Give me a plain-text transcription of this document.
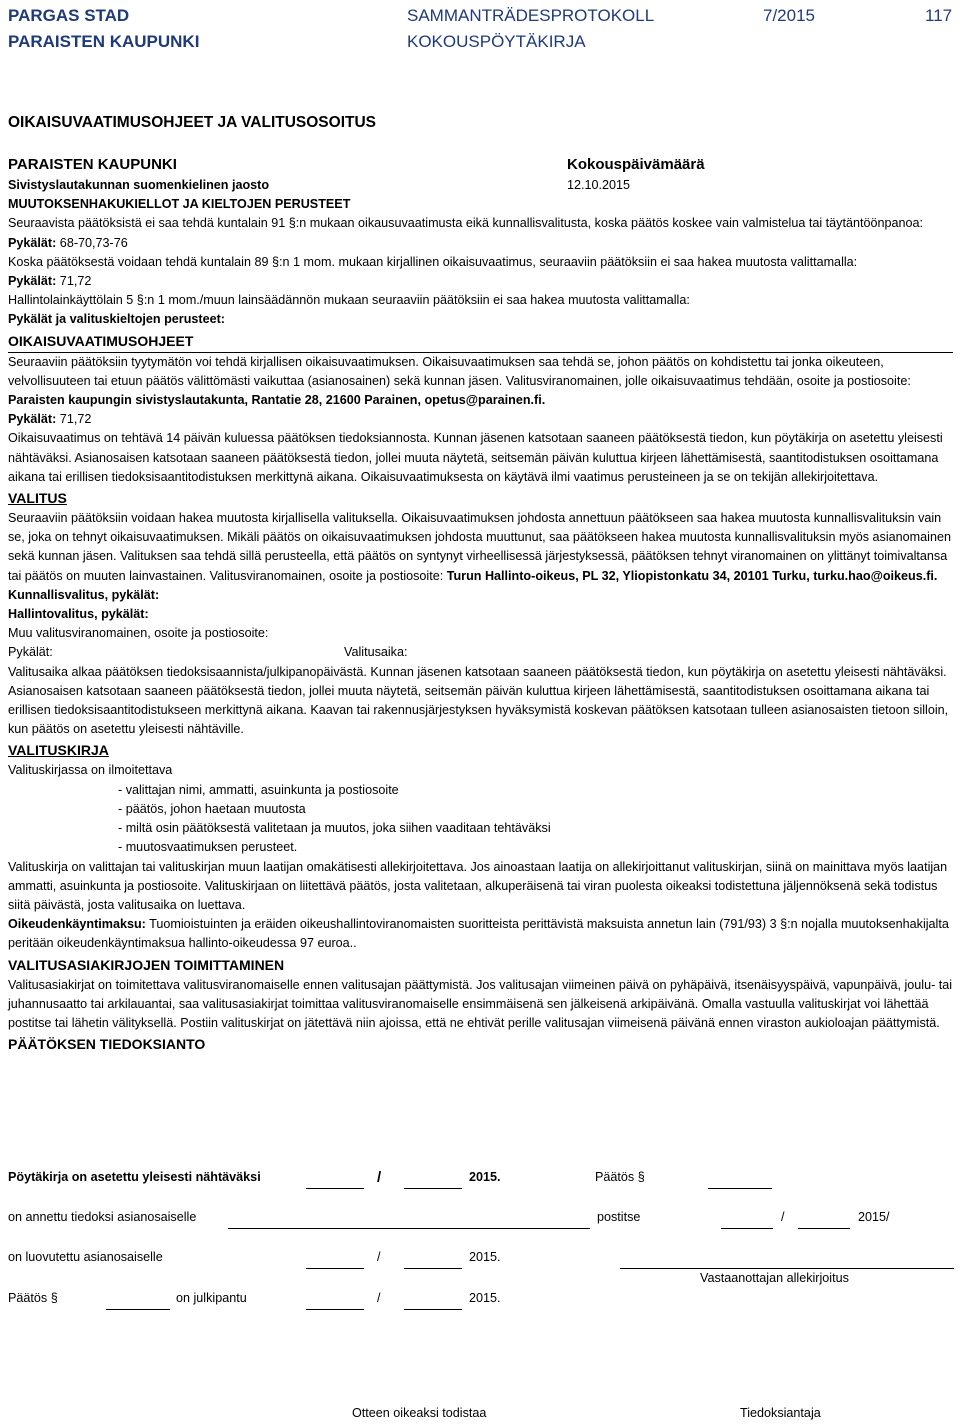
PARGAS STAD
PARAISTEN KAUPUNKI
SAMMANTRÄDESPROTOKOLL
KOKOUSPÖYTÄKIRJA
7/2015	117
OIKAISUVAATIMUSOHJEET JA VALITUSOSOITUS
PARAISTEN KAUPUNKI	Kokouspäivämäärä
Sivistyslautakunnan suomenkielinen jaosto	12.10.2015
MUUTOKSENHAKUKIELLOT JA KIELTOJEN PERUSTEET

Seuraavista päätöksistä ei saa tehdä kuntalain 91 §:n mukaan oikausuvaatimusta eikä kunnallisvalitusta, koska päätös koskee vain valmistelua tai täytäntöönpanoa:

Pykälät: 68-70,73-76

Koska päätöksestä voidaan tehdä kuntalain 89 §:n 1 mom. mukaan kirjallinen oikaisuvaatimus, seuraaviin päätöksiin ei saa hakea muutosta valittamalla:

Pykälät: 71,72

Hallintolainkäyttölain 5 §:n 1 mom./muun lainsäädännön mukaan seuraaviin päätöksiin ei saa hakea muutosta valittamalla:

Pykälät ja valituskieltojen perusteet:

OIKAISUVAATIMUSOHJEET

Seuraaviin päätöksiin tyytymätön voi tehdä kirjallisen oikaisuvaatimuksen. Oikaisuvaatimuksen saa tehdä se, johon päätös on kohdistettu tai jonka oikeuteen, velvollisuuteen tai etuun päätös välittömästi vaikuttaa (asianosainen) sekä kunnan jäsen. Valitusviranomainen, jolle oikaisuvaatimus tehdään, osoite ja postiosoite: Paraisten kaupungin sivistyslautakunta, Rantatie 28, 21600 Parainen, opetus@parainen.fi.

Pykälät: 71,72

Oikaisuvaatimus on tehtävä 14 päivän kuluessa päätöksen tiedoksiannosta. Kunnan jäsenen katsotaan saaneen päätöksestä tiedon, kun pöytäkirja on asetettu yleisesti nähtäväksi. Asianosaisen katsotaan saaneen päätöksestä tiedon, jollei muuta näytetä, seitsemän päivän kuluttua kirjeen lähettämisestä, saantitodistuksen osoittamana aikana tai erillisen tiedoksisaantitodistuksen merkittynä aikana. Oikaisuvaatimuksesta on käytävä ilmi vaatimus perusteineen ja se on tekijän allekirjoitettava.

VALITUS

Seuraaviin päätöksiin voidaan hakea muutosta kirjallisella valituksella. Oikaisuvaatimuksen johdosta annettuun päätökseen saa hakea muutosta kunnallisvalituksin vain se, joka on tehnyt oikaisuvaatimuksen. Mikäli päätös on oikaisuvaatimuksen johdosta muuttunut, saa päätökseen hakea muutosta kunnallisvalituksin myös asianomainen sekä kunnan jäsen. Valituksen saa tehdä sillä perusteella, että päätös on syntynyt virheellisessä järjestyksessä, päätöksen tehnyt viranomainen on ylittänyt toimivaltansa tai päätös on muuten lainvastainen. Valitusviranomainen, osoite ja postiosoite: Turun Hallinto-oikeus, PL 32, Yliopistonkatu 34, 20101 Turku, turku.hao@oikeus.fi.

Kunnallisvalitus, pykälät:

Hallintovalitus, pykälät:

Muu valitusviranomainen, osoite ja postiosoite:

Pykälät:	Valitusaika:

Valitusaika alkaa päätöksen tiedoksisaannista/julkipanopäivästä. Kunnan jäsenen katsotaan saaneen päätöksestä tiedon, kun pöytäkirja on asetettu yleisesti nähtäväksi. Asianosaisen katsotaan saaneen päätöksestä tiedon, jollei muuta näytetä, seitsemän päivän kuluttua kirjeen lähettämisestä, saantitodistuksen osoittamana aikana tai erillisen tiedoksisaantitodistukseen merkittynä aikana. Kaavan tai rakennusjärjestyksen hyväksymistä koskevan päätöksen katsotaan tulleen asianosaisten tietoon silloin, kun päätös on asetettu yleisesti nähtäville.

VALITUSKIRJA

Valituskirjassa on ilmoitettava

- valittajan nimi, ammatti, asuinkunta ja postiosoite
- päätös, johon haetaan muutosta
- miltä osin päätöksestä valitetaan ja muutos, joka siihen vaaditaan tehtäväksi
- muutosvaatimuksen perusteet.

Valituskirja on valittajan tai valituskirjan muun laatijan omakätisesti allekirjoitettava. Jos ainoastaan laatija on allekirjoittanut valituskirjan, siinä on mainittava myös laatijan ammatti, asuinkunta ja postiosoite. Valituskirjaan on liitettävä päätös, josta valitetaan, alkuperäisenä tai viran puolesta oikeaksi todistettuna jäljennöksenä sekä todistus siitä päivästä, josta valitusaika on luettava.

Oikeudenkäyntimaksu: Tuomioistuinten ja eräiden oikeushallintoviranomaisten suoritteista perittävistä maksuista annetun lain (791/93) 3 §:n nojalla muutoksenhakijalta peritään oikeudenkäyntimaksua hallinto-oikeudessa 97 euroa..

VALITUSASIAKIRJOJEN TOIMITTAMINEN

Valitusasiakirjat on toimitettava valitusviranomaiselle ennen valitusajan päättymistä. Jos valitusajan viimeinen päivä on pyhäpäivä, itsenäisyyspäivä, vapunpäivä, joulu- tai juhannusaatto tai arkilauantai, saa valitusasiakirjat toimittaa valitusviranomaiselle ensimmäisenä sen jälkeisenä arkipäivänä. Omalla vastuulla valituskirjat voi lähettää postitse tai lähetin välityksellä. Postiin valituskirjat on jätettävä niin ajoissa, että ne ehtivät perille valitusajan viimeisenä päivänä ennen viraston aukioloajan päättymistä.

PÄÄTÖKSEN TIEDOKSIANTO
Pöytäkirja on asetettu yleisesti nähtäväksi	/	2015.	Päätös §
on annettu tiedoksi asianosaiselle	postitse	/	2015/
on luovutettu asianosaiselle	/	2015.
Vastaanottajan allekirjoitus
Päätös §	on julkipantu	/	2015.
Otteen oikeaksi todistaa	Tiedoksiantaja
